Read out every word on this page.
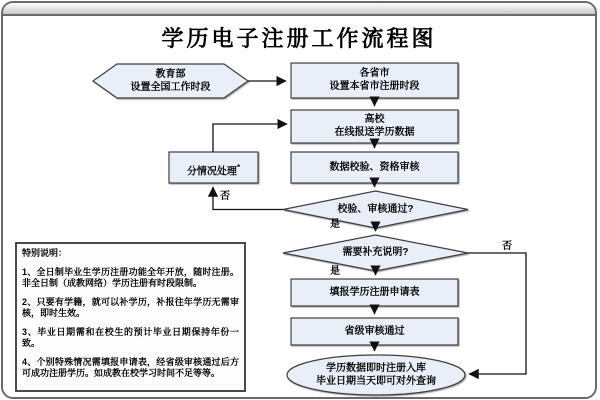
学历电子注册工作流程图
教育部
设置全国工作时段
各省市
设置本省市注册时段
高校
在线报送学历数据
数据校验、资格审核
分情况处理*
校验、审核通过?
需要补充说明?
填报学历注册申请表
省级审核通过
学历数据即时注册入库
毕业日期当天即可对外查询
是
是
否
否

特别说明：

1、全日制毕业生学历注册功能全年开放，随时注册。非全日制（成教网络）学历注册有时段限制。

2、只要有学籍，就可以补学历，补报往年学历无需审核，即时生效。

3、毕业日期需和在校生的预计毕业日期保持年份一致。

4、个别特殊情况需填报申请表，经省级审核通过后方可成功注册学历。如成教在校学习时间不足等等。
